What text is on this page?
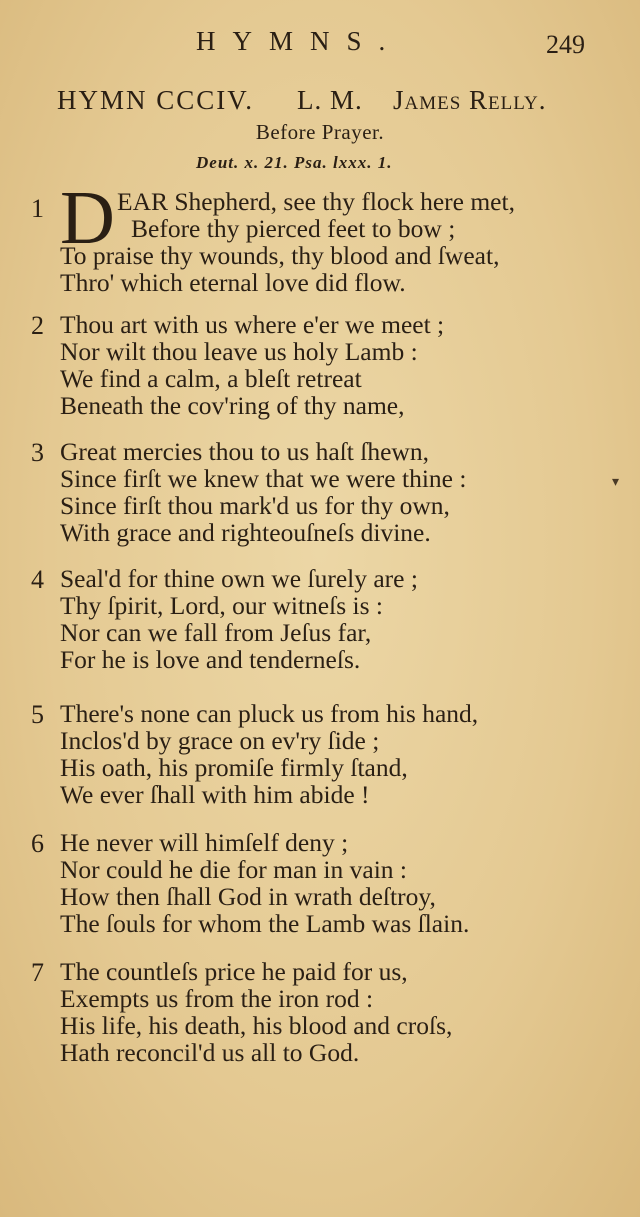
HYMNS.	249
HYMN CCCIV. L. M. James Relly.
Before Prayer.
Deut. x. 21. Psa. lxxx. 1.
1 D EAR Shepherd, see thy flock here met,
Before thy pierced feet to bow ;
To praise thy wounds, thy blood and ſweat,
Thro' which eternal love did flow.
2 Thou art with us where e'er we meet ;
Nor wilt thou leave us holy Lamb :
We find a calm, a bleſt retreat
Beneath the cov'ring of thy name,
3 Great mercies thou to us haſt ſhewn,
Since firſt we knew that we were thine :
Since firſt thou mark'd us for thy own,
With grace and righteouſneſs divine.
4 Seal'd for thine own we ſurely are ;
Thy ſpirit, Lord, our witneſs is :
Nor can we fall from Jeſus far,
For he is love and tenderneſs.
5 There's none can pluck us from his hand,
Inclos'd by grace on ev'ry ſide ;
His oath, his promiſe firmly ſtand,
We ever ſhall with him abide !
6 He never will himſelf deny ;
Nor could he die for man in vain :
How then ſhall God in wrath deſtroy,
The ſouls for whom the Lamb was ſlain.
7 The countleſs price he paid for us,
Exempts us from the iron rod :
His life, his death, his blood and croſs,
Hath reconcil'd us all to God.
▾
